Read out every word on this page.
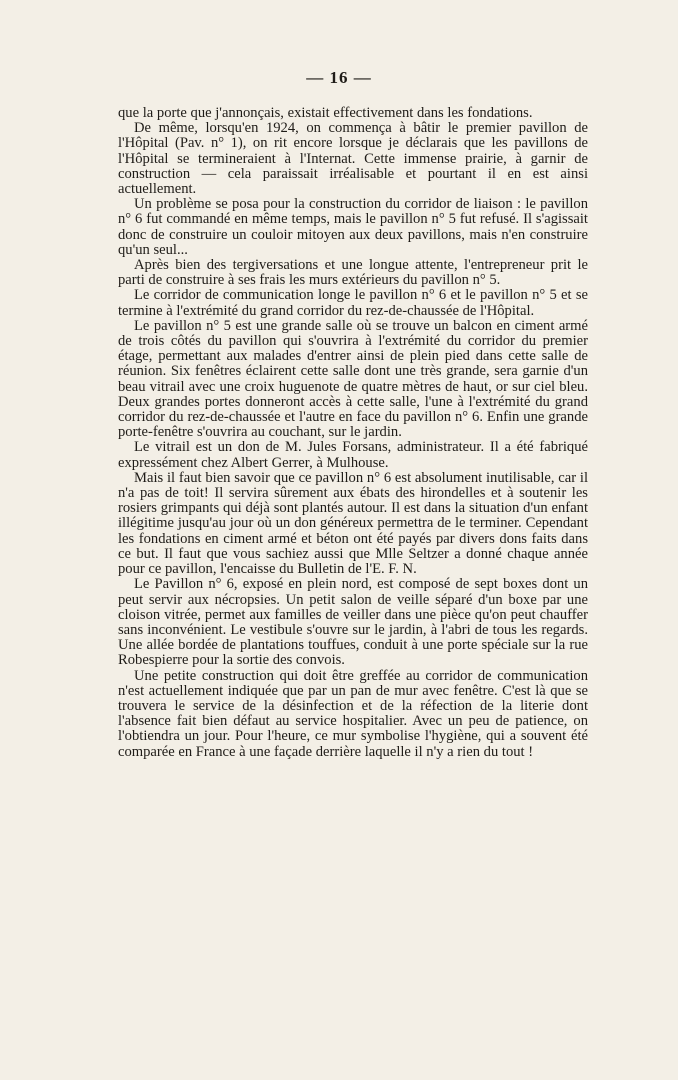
— 16 —

que la porte que j'annonçais, existait effectivement dans les fondations.

De même, lorsqu'en 1924, on commença à bâtir le premier pavillon de l'Hôpital (Pav. n° 1), on rit encore lorsque je déclarais que les pavillons de l'Hôpital se termineraient à l'Internat. Cette immense prairie, à garnir de construction — cela paraissait irréalisable et pourtant il en est ainsi actuellement.

Un problème se posa pour la construction du corridor de liaison : le pavillon n° 6 fut commandé en même temps, mais le pavillon n° 5 fut refusé. Il s'agissait donc de construire un couloir mitoyen aux deux pavillons, mais n'en construire qu'un seul...

Après bien des tergiversations et une longue attente, l'entrepreneur prit le parti de construire à ses frais les murs extérieurs du pavillon n° 5.

Le corridor de communication longe le pavillon n° 6 et le pavillon n° 5 et se termine à l'extrémité du grand corridor du rez-de-chaussée de l'Hôpital.

Le pavillon n° 5 est une grande salle où se trouve un balcon en ciment armé de trois côtés du pavillon qui s'ouvrira à l'extrémité du corridor du premier étage, permettant aux malades d'entrer ainsi de plein pied dans cette salle de réunion. Six fenêtres éclairent cette salle dont une très grande, sera garnie d'un beau vitrail avec une croix huguenote de quatre mètres de haut, or sur ciel bleu. Deux grandes portes donneront accès à cette salle, l'une à l'extrémité du grand corridor du rez-de-chaussée et l'autre en face du pavillon n° 6. Enfin une grande porte-fenêtre s'ouvrira au couchant, sur le jardin.

Le vitrail est un don de M. Jules Forsans, administrateur. Il a été fabriqué expressément chez Albert Gerrer, à Mulhouse.

Mais il faut bien savoir que ce pavillon n° 6 est absolument inutilisable, car il n'a pas de toit! Il servira sûrement aux ébats des hirondelles et à soutenir les rosiers grimpants qui déjà sont plantés autour. Il est dans la situation d'un enfant illégitime jusqu'au jour où un don généreux permettra de le terminer. Cependant les fondations en ciment armé et béton ont été payés par divers dons faits dans ce but. Il faut que vous sachiez aussi que Mlle Seltzer a donné chaque année pour ce pavillon, l'encaisse du Bulletin de l'E. F. N.

Le Pavillon n° 6, exposé en plein nord, est composé de sept boxes dont un peut servir aux nécropsies. Un petit salon de veille séparé d'un boxe par une cloison vitrée, permet aux familles de veiller dans une pièce qu'on peut chauffer sans inconvénient. Le vestibule s'ouvre sur le jardin, à l'abri de tous les regards. Une allée bordée de plantations touffues, conduit à une porte spéciale sur la rue Robespierre pour la sortie des convois.

Une petite construction qui doit être greffée au corridor de communication n'est actuellement indiquée que par un pan de mur avec fenêtre. C'est là que se trouvera le service de la désinfection et de la réfection de la literie dont l'absence fait bien défaut au service hospitalier. Avec un peu de patience, on l'obtiendra un jour. Pour l'heure, ce mur symbolise l'hygiène, qui a souvent été comparée en France à une façade derrière laquelle il n'y a rien du tout !
